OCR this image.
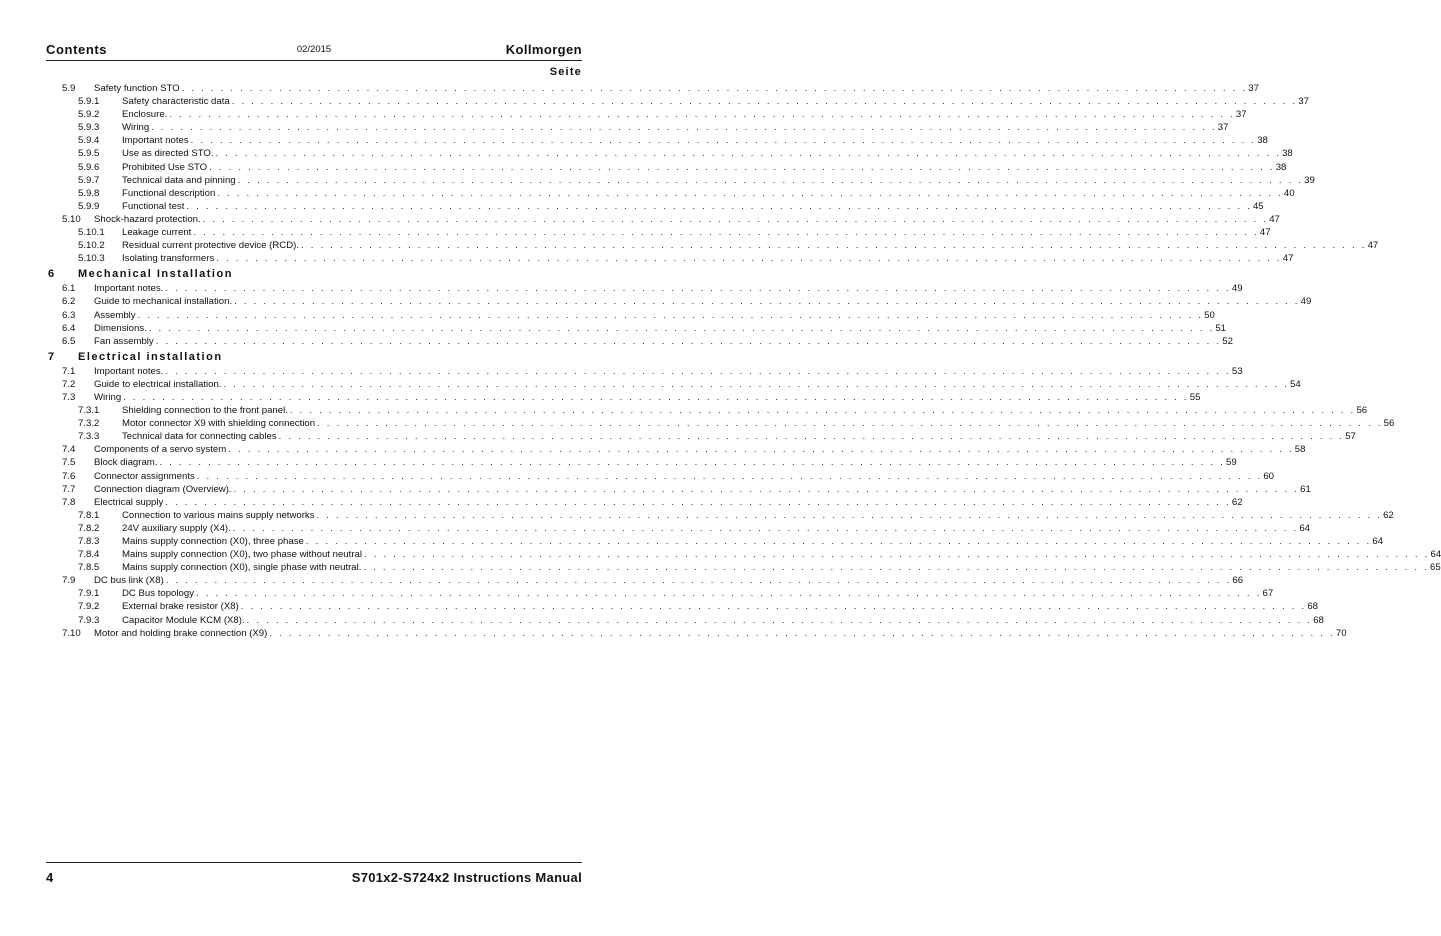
Contents	02/2015	Kollmorgen
Seite
5.9 Safety function STO . . . . . . . . . . . . . . . . . . . . . . . . . . . . . . . . . . . . . . . . . . . . . . . . . . . . . . . . . . . . . . . . . . . . . . . . . . . . . . . . . . . . . . . . . . . . . . . . . . . . . . . . . . . . . . 37
5.9.1 Safety characteristic data . . . . . . . . . . . . . . . . . . . . . . . . . . . . . . . . . . . . . . . . . . . . . . . . . . . . . . . . . . . . . . . . . . . . . . . . . . . . . . . . . . . . . . . . . . . . . . . . . . . . . . . . . . . . . . 37
5.9.2 Enclosure. . . . . . . . . . . . . . . . . . . . . . . . . . . . . . . . . . . . . . . . . . . . . . . . . . . . . . . . . . . . . . . . . . . . . . . . . . . . . . . . . . . . . . . . . . . . . . . . . . . . . . . . . . . . . . . 37
5.9.3 Wiring . . . . . . . . . . . . . . . . . . . . . . . . . . . . . . . . . . . . . . . . . . . . . . . . . . . . . . . . . . . . . . . . . . . . . . . . . . . . . . . . . . . . . . . . . . . . . . . . . . . . . . . . . . . . . . 37
5.9.4 Important notes . . . . . . . . . . . . . . . . . . . . . . . . . . . . . . . . . . . . . . . . . . . . . . . . . . . . . . . . . . . . . . . . . . . . . . . . . . . . . . . . . . . . . . . . . . . . . . . . . . . . . . . . . . . . . . 38
5.9.5 Use as directed STO. . . . . . . . . . . . . . . . . . . . . . . . . . . . . . . . . . . . . . . . . . . . . . . . . . . . . . . . . . . . . . . . . . . . . . . . . . . . . . . . . . . . . . . . . . . . . . . . . . . . . . . . . . . . . . . 38
5.9.6 Prohibited Use STO . . . . . . . . . . . . . . . . . . . . . . . . . . . . . . . . . . . . . . . . . . . . . . . . . . . . . . . . . . . . . . . . . . . . . . . . . . . . . . . . . . . . . . . . . . . . . . . . . . . . . . . . . . . . . . 38
5.9.7 Technical data and pinning . . . . . . . . . . . . . . . . . . . . . . . . . . . . . . . . . . . . . . . . . . . . . . . . . . . . . . . . . . . . . . . . . . . . . . . . . . . . . . . . . . . . . . . . . . . . . . . . . . . . . . . . . . . . . . 39
5.9.8 Functional description . . . . . . . . . . . . . . . . . . . . . . . . . . . . . . . . . . . . . . . . . . . . . . . . . . . . . . . . . . . . . . . . . . . . . . . . . . . . . . . . . . . . . . . . . . . . . . . . . . . . . . . . . . . . . . 40
5.9.9 Functional test . . . . . . . . . . . . . . . . . . . . . . . . . . . . . . . . . . . . . . . . . . . . . . . . . . . . . . . . . . . . . . . . . . . . . . . . . . . . . . . . . . . . . . . . . . . . . . . . . . . . . . . . . . . . . . 45
5.10 Shock-hazard protection. . . . . . . . . . . . . . . . . . . . . . . . . . . . . . . . . . . . . . . . . . . . . . . . . . . . . . . . . . . . . . . . . . . . . . . . . . . . . . . . . . . . . . . . . . . . . . . . . . . . . . . . . . . . . . . 47
5.10.1 Leakage current . . . . . . . . . . . . . . . . . . . . . . . . . . . . . . . . . . . . . . . . . . . . . . . . . . . . . . . . . . . . . . . . . . . . . . . . . . . . . . . . . . . . . . . . . . . . . . . . . . . . . . . . . . . . . . 47
5.10.2 Residual current protective device (RCD). . . . . . . . . . . . . . . . . . . . . . . . . . . . . . . . . . . . . . . . . . . . . . . . . . . . . . . . . . . . . . . . . . . . . . . . . . . . . . . . . . . . . . . . . . . . . . . . . . . . . . . . . . . . . . . 47
5.10.3 Isolating transformers . . . . . . . . . . . . . . . . . . . . . . . . . . . . . . . . . . . . . . . . . . . . . . . . . . . . . . . . . . . . . . . . . . . . . . . . . . . . . . . . . . . . . . . . . . . . . . . . . . . . . . . . . . . . . . 47
6 Mechanical Installation
6.1 Important notes. . . . . . . . . . . . . . . . . . . . . . . . . . . . . . . . . . . . . . . . . . . . . . . . . . . . . . . . . . . . . . . . . . . . . . . . . . . . . . . . . . . . . . . . . . . . . . . . . . . . . . . . . . . . . . . 49
6.2 Guide to mechanical installation. . . . . . . . . . . . . . . . . . . . . . . . . . . . . . . . . . . . . . . . . . . . . . . . . . . . . . . . . . . . . . . . . . . . . . . . . . . . . . . . . . . . . . . . . . . . . . . . . . . . . . . . . . . . . . . 49
6.3 Assembly . . . . . . . . . . . . . . . . . . . . . . . . . . . . . . . . . . . . . . . . . . . . . . . . . . . . . . . . . . . . . . . . . . . . . . . . . . . . . . . . . . . . . . . . . . . . . . . . . . . . . . . . . . . . . . 50
6.4 Dimensions. . . . . . . . . . . . . . . . . . . . . . . . . . . . . . . . . . . . . . . . . . . . . . . . . . . . . . . . . . . . . . . . . . . . . . . . . . . . . . . . . . . . . . . . . . . . . . . . . . . . . . . . . . . . . . . 51
6.5 Fan assembly . . . . . . . . . . . . . . . . . . . . . . . . . . . . . . . . . . . . . . . . . . . . . . . . . . . . . . . . . . . . . . . . . . . . . . . . . . . . . . . . . . . . . . . . . . . . . . . . . . . . . . . . . . . . . . 52
7 Electrical installation
7.1 Important notes. . . . . . . . . . . . . . . . . . . . . . . . . . . . . . . . . . . . . . . . . . . . . . . . . . . . . . . . . . . . . . . . . . . . . . . . . . . . . . . . . . . . . . . . . . . . . . . . . . . . . . . . . . . . . . . 53
7.2 Guide to electrical installation. . . . . . . . . . . . . . . . . . . . . . . . . . . . . . . . . . . . . . . . . . . . . . . . . . . . . . . . . . . . . . . . . . . . . . . . . . . . . . . . . . . . . . . . . . . . . . . . . . . . . . . . . . . . . . . 54
7.3 Wiring . . . . . . . . . . . . . . . . . . . . . . . . . . . . . . . . . . . . . . . . . . . . . . . . . . . . . . . . . . . . . . . . . . . . . . . . . . . . . . . . . . . . . . . . . . . . . . . . . . . . . . . . . . . . . . 55
7.3.1 Shielding connection to the front panel. . . . . . . . . . . . . . . . . . . . . . . . . . . . . . . . . . . . . . . . . . . . . . . . . . . . . . . . . . . . . . . . . . . . . . . . . . . . . . . . . . . . . . . . . . . . . . . . . . . . . . . . . . . . . . . 56
7.3.2 Motor connector X9 with shielding connection . . . . . . . . . . . . . . . . . . . . . . . . . . . . . . . . . . . . . . . . . . . . . . . . . . . . . . . . . . . . . . . . . . . . . . . . . . . . . . . . . . . . . . . . . . . . . . . . . . . . . . . . . . . . . . 56
7.3.3 Technical data for connecting cables . . . . . . . . . . . . . . . . . . . . . . . . . . . . . . . . . . . . . . . . . . . . . . . . . . . . . . . . . . . . . . . . . . . . . . . . . . . . . . . . . . . . . . . . . . . . . . . . . . . . . . . . . . . . . . 57
7.4 Components of a servo system . . . . . . . . . . . . . . . . . . . . . . . . . . . . . . . . . . . . . . . . . . . . . . . . . . . . . . . . . . . . . . . . . . . . . . . . . . . . . . . . . . . . . . . . . . . . . . . . . . . . . . . . . . . . . . 58
7.5 Block diagram. . . . . . . . . . . . . . . . . . . . . . . . . . . . . . . . . . . . . . . . . . . . . . . . . . . . . . . . . . . . . . . . . . . . . . . . . . . . . . . . . . . . . . . . . . . . . . . . . . . . . . . . . . . . . . . 59
7.6 Connector assignments . . . . . . . . . . . . . . . . . . . . . . . . . . . . . . . . . . . . . . . . . . . . . . . . . . . . . . . . . . . . . . . . . . . . . . . . . . . . . . . . . . . . . . . . . . . . . . . . . . . . . . . . . . . . . . 60
7.7 Connection diagram (Overview). . . . . . . . . . . . . . . . . . . . . . . . . . . . . . . . . . . . . . . . . . . . . . . . . . . . . . . . . . . . . . . . . . . . . . . . . . . . . . . . . . . . . . . . . . . . . . . . . . . . . . . . . . . . . . . 61
7.8 Electrical supply . . . . . . . . . . . . . . . . . . . . . . . . . . . . . . . . . . . . . . . . . . . . . . . . . . . . . . . . . . . . . . . . . . . . . . . . . . . . . . . . . . . . . . . . . . . . . . . . . . . . . . . . . . . . . . 62
7.8.1 Connection to various mains supply networks . . . . . . . . . . . . . . . . . . . . . . . . . . . . . . . . . . . . . . . . . . . . . . . . . . . . . . . . . . . . . . . . . . . . . . . . . . . . . . . . . . . . . . . . . . . . . . . . . . . . . . . . . . . . . . 62
7.8.2 24V auxiliary supply (X4). . . . . . . . . . . . . . . . . . . . . . . . . . . . . . . . . . . . . . . . . . . . . . . . . . . . . . . . . . . . . . . . . . . . . . . . . . . . . . . . . . . . . . . . . . . . . . . . . . . . . . . . . . . . . . . 64
7.8.3 Mains supply connection (X0), three phase . . . . . . . . . . . . . . . . . . . . . . . . . . . . . . . . . . . . . . . . . . . . . . . . . . . . . . . . . . . . . . . . . . . . . . . . . . . . . . . . . . . . . . . . . . . . . . . . . . . . . . . . . . . . . . 64
7.8.4 Mains supply connection (X0), two phase without neutral . . . . . . . . . . . . . . . . . . . . . . . . . . . . . . . . . . . . . . . . . . . . . . . . . . . . . . . . . . . . . . . . . . . . . . . . . . . . . . . . . . . . . . . . . . . . . . . . . . . . . . . . . . . . . . 64
7.8.5 Mains supply connection (X0), single phase with neutral. . . . . . . . . . . . . . . . . . . . . . . . . . . . . . . . . . . . . . . . . . . . . . . . . . . . . . . . . . . . . . . . . . . . . . . . . . . . . . . . . . . . . . . . . . . . . . . . . . . . . . . . . . . . . . . 65
7.9 DC bus link (X8) . . . . . . . . . . . . . . . . . . . . . . . . . . . . . . . . . . . . . . . . . . . . . . . . . . . . . . . . . . . . . . . . . . . . . . . . . . . . . . . . . . . . . . . . . . . . . . . . . . . . . . . . . . . . . . 66
7.9.1 DC Bus topology . . . . . . . . . . . . . . . . . . . . . . . . . . . . . . . . . . . . . . . . . . . . . . . . . . . . . . . . . . . . . . . . . . . . . . . . . . . . . . . . . . . . . . . . . . . . . . . . . . . . . . . . . . . . . . 67
7.9.2 External brake resistor (X8) . . . . . . . . . . . . . . . . . . . . . . . . . . . . . . . . . . . . . . . . . . . . . . . . . . . . . . . . . . . . . . . . . . . . . . . . . . . . . . . . . . . . . . . . . . . . . . . . . . . . . . . . . . . . . . 68
7.9.3 Capacitor Module KCM (X8). . . . . . . . . . . . . . . . . . . . . . . . . . . . . . . . . . . . . . . . . . . . . . . . . . . . . . . . . . . . . . . . . . . . . . . . . . . . . . . . . . . . . . . . . . . . . . . . . . . . . . . . . . . . . . . 68
7.10 Motor and holding brake connection (X9) . . . . . . . . . . . . . . . . . . . . . . . . . . . . . . . . . . . . . . . . . . . . . . . . . . . . . . . . . . . . . . . . . . . . . . . . . . . . . . . . . . . . . . . . . . . . . . . . . . . . . . . . . . . . . . 70
4	S701x2-S724x2 Instructions Manual
